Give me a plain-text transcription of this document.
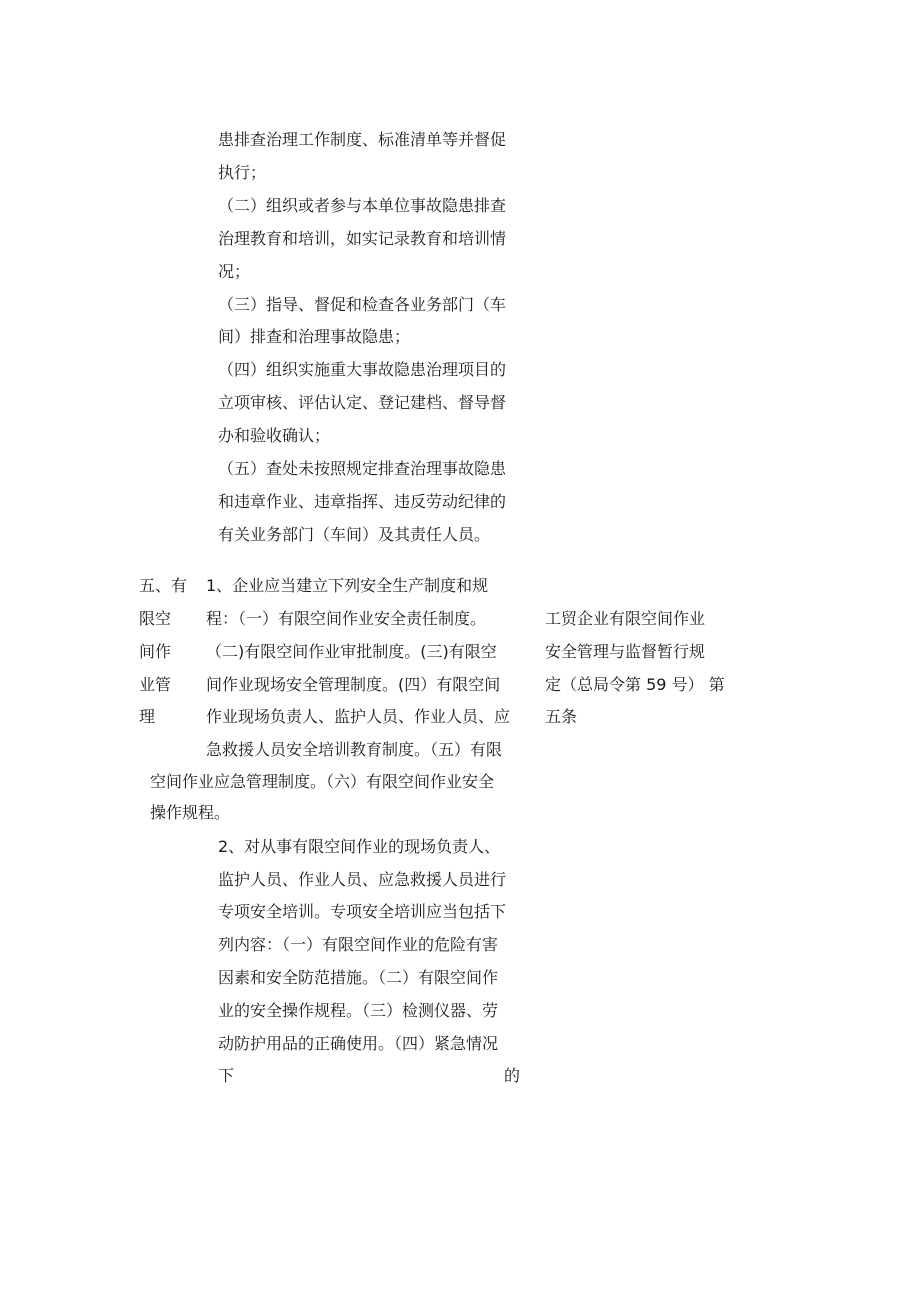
患排查治理工作制度、标准清单等并督促
执行；
（二）组织或者参与本单位事故隐患排查
治理教育和培训，如实记录教育和培训情
况；
（三）指导、督促和检查各业务部门（车
间）排查和治理事故隐患；
（四）组织实施重大事故隐患治理项目的
立项审核、评估认定、登记建档、督导督
办和验收确认；
（五）查处未按照规定排查治理事故隐患
和违章作业、违章指挥、违反劳动纪律的
有关业务部门（车间）及其责任人员。
五、有
限空
间作
业管
理
1、企业应当建立下列安全生产制度和规
程：（一）有限空间作业安全责任制度。
（二)有限空间作业审批制度。(三)有限空
间作业现场安全管理制度。(四）有限空间
作业现场负责人、监护人员、作业人员、应
急救援人员安全培训教育制度。（五）有限
空间作业应急管理制度。（六）有限空间作业安全
操作规程。
工贸企业有限空间作业
安全管理与监督暂行规
定（总局令第 59 号） 第
五条
2、对从事有限空间作业的现场负责人、
监护人员、作业人员、应急救援人员进行
专项安全培训。专项安全培训应当包括下
列内容：（一）有限空间作业的危险有害
因素和安全防范措施。（二）有限空间作
业的安全操作规程。（三）检测仪器、劳
动防护用品的正确使用。（四）紧急情况
下	的
